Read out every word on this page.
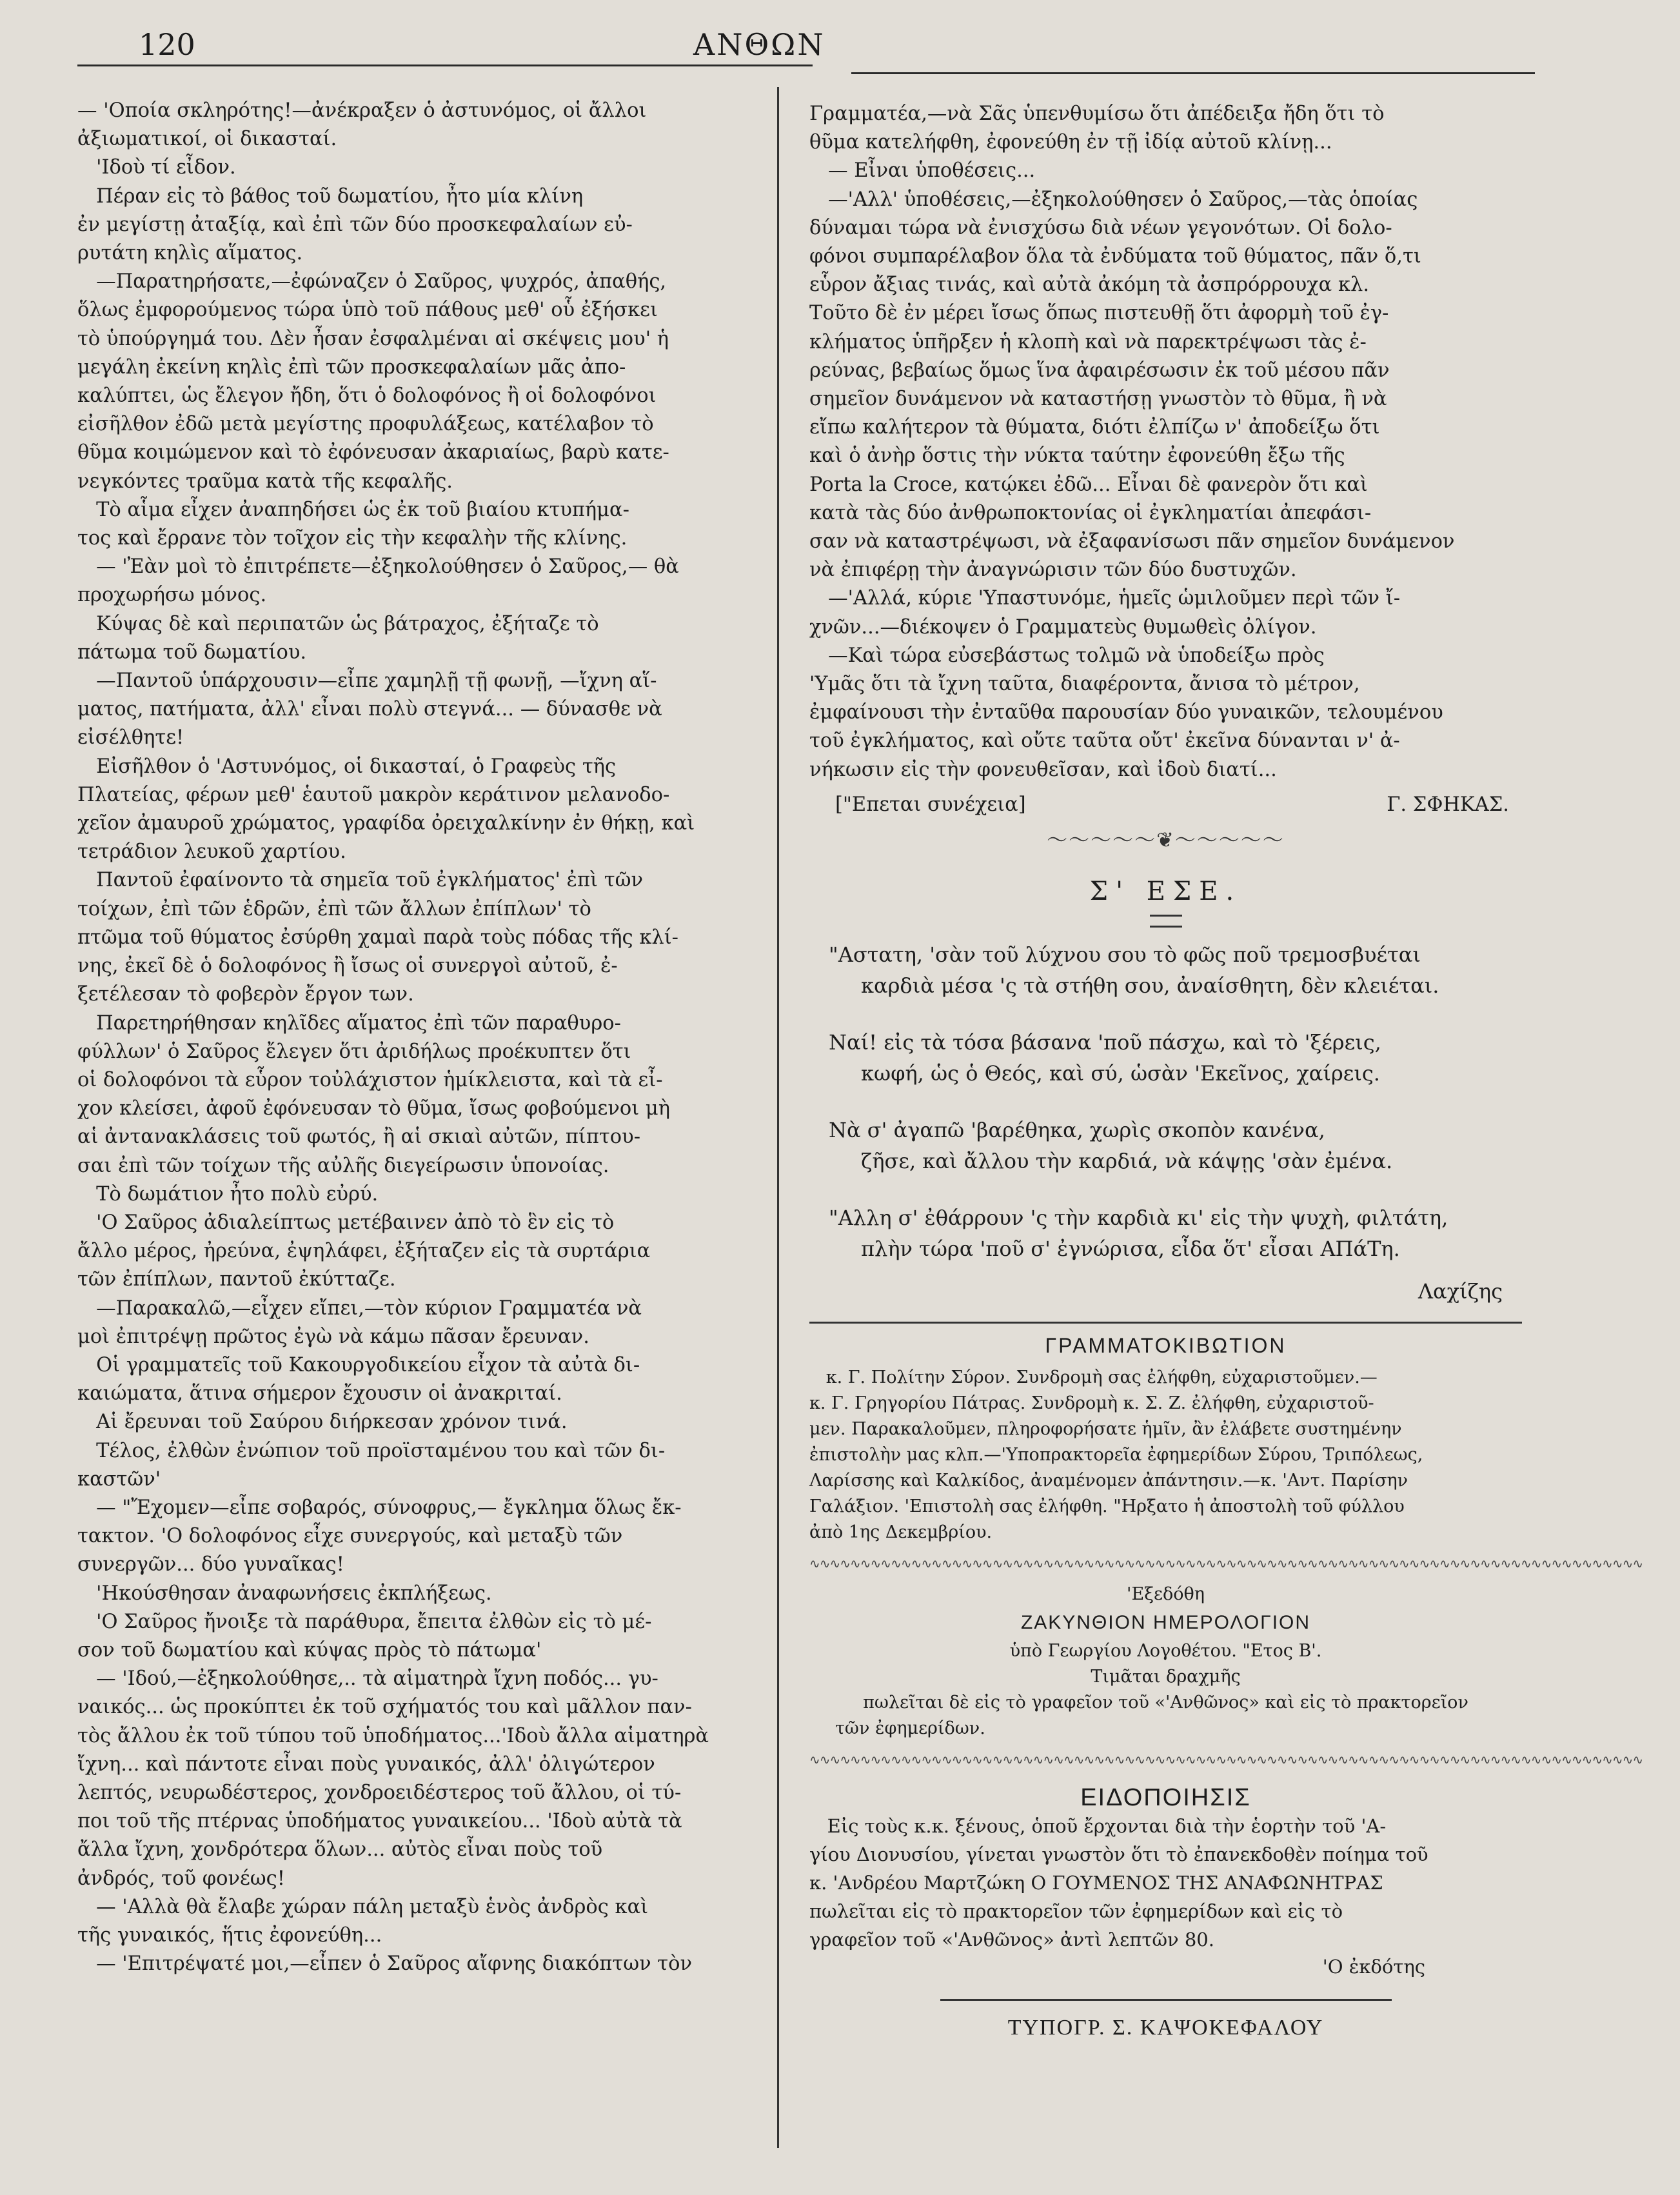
120	ΑΝΘΩΝ

— 'Οποία σκληρότης!—ἀνέκραξεν ὁ ἀστυνόμος, οἱ ἄλλοι

ἀξιωματικοί, οἱ δικασταί.

'Ιδοὺ τί εἶδον.

Πέραν εἰς τὸ βάθος τοῦ δωματίου, ἦτο μία κλίνη

ἐν μεγίστῃ ἀταξίᾳ, καὶ ἐπὶ τῶν δύο προσκεφαλαίων εὐ-

ρυτάτη κηλὶς αἵματος.

—Παρατηρήσατε,—ἐφώναζεν ὁ Σαῦρος, ψυχρός, ἀπαθής,

ὅλως ἐμφορούμενος τώρα ὑπὸ τοῦ πάθους μεθ' οὗ ἐξήσκει

τὸ ὑπούργημά του. Δὲν ἦσαν ἐσφαλμέναι αἱ σκέψεις μου' ἡ

μεγάλη ἐκείνη κηλὶς ἐπὶ τῶν προσκεφαλαίων μᾶς ἀπο-

καλύπτει, ὡς ἔλεγον ἤδη, ὅτι ὁ δολοφόνος ἢ οἱ δολοφόνοι

εἰσῆλθον ἐδῶ μετὰ μεγίστης προφυλάξεως, κατέλαβον τὸ

θῦμα κοιμώμενον καὶ τὸ ἐφόνευσαν ἀκαριαίως, βαρὺ κατε-

νεγκόντες τραῦμα κατὰ τῆς κεφαλῆς.

Τὸ αἷμα εἶχεν ἀναπηδήσει ὡς ἐκ τοῦ βιαίου κτυπήμα-

τος καὶ ἔρρανε τὸν τοῖχον εἰς τὴν κεφαλὴν τῆς κλίνης.

— 'Ἐὰν μοὶ τὸ ἐπιτρέπετε—ἐξηκολούθησεν ὁ Σαῦρος,— θὰ

προχωρήσω μόνος.

Κύψας δὲ καὶ περιπατῶν ὡς βάτραχος, ἐξήταζε τὸ

πάτωμα τοῦ δωματίου.

—Παντοῦ ὑπάρχουσιν—εἶπε χαμηλῇ τῇ φωνῇ, —ἴχνη αἵ-

ματος, πατήματα, ἀλλ' εἶναι πολὺ στεγνά... — δύνασθε νὰ

εἰσέλθητε!

Εἰσῆλθον ὁ 'Αστυνόμος, οἱ δικασταί, ὁ Γραφεὺς τῆς

Πλατείας, φέρων μεθ' ἑαυτοῦ μακρὸν κεράτινον μελανοδο-

χεῖον ἀμαυροῦ χρώματος, γραφίδα ὀρειχαλκίνην ἐν θήκῃ, καὶ

τετράδιον λευκοῦ χαρτίου.

Παντοῦ ἐφαίνοντο τὰ σημεῖα τοῦ ἐγκλήματος' ἐπὶ τῶν

τοίχων, ἐπὶ τῶν ἑδρῶν, ἐπὶ τῶν ἄλλων ἐπίπλων' τὸ

πτῶμα τοῦ θύματος ἐσύρθη χαμαὶ παρὰ τοὺς πόδας τῆς κλί-

νης, ἐκεῖ δὲ ὁ δολοφόνος ἢ ἴσως οἱ συνεργοὶ αὐτοῦ, ἐ-

ξετέλεσαν τὸ φοβερὸν ἔργον των.

Παρετηρήθησαν κηλῖδες αἵματος ἐπὶ τῶν παραθυρο-

φύλλων' ὁ Σαῦρος ἔλεγεν ὅτι ἀριδήλως προέκυπτεν ὅτι

οἱ δολοφόνοι τὰ εὗρον τοὐλάχιστον ἡμίκλειστα, καὶ τὰ εἶ-

χον κλείσει, ἀφοῦ ἐφόνευσαν τὸ θῦμα, ἴσως φοβούμενοι μὴ

αἱ ἀντανακλάσεις τοῦ φωτός, ἢ αἱ σκιαὶ αὐτῶν, πίπτου-

σαι ἐπὶ τῶν τοίχων τῆς αὐλῆς διεγείρωσιν ὑπονοίας.

Τὸ δωμάτιον ἦτο πολὺ εὐρύ.

'Ο Σαῦρος ἀδιαλείπτως μετέβαινεν ἀπὸ τὸ ἓν εἰς τὸ

ἄλλο μέρος, ἠρεύνα, ἐψηλάφει, ἐξήταζεν εἰς τὰ συρτάρια

τῶν ἐπίπλων, παντοῦ ἐκύτταζε.

—Παρακαλῶ,—εἶχεν εἴπει,—τὸν κύριον Γραμματέα νὰ

μοὶ ἐπιτρέψῃ πρῶτος ἐγὼ νὰ κάμω πᾶσαν ἔρευναν.

Οἱ γραμματεῖς τοῦ Κακουργοδικείου εἶχον τὰ αὐτὰ δι-

καιώματα, ἅτινα σήμερον ἔχουσιν οἱ ἀνακριταί.

Αἱ ἔρευναι τοῦ Σαύρου διήρκεσαν χρόνον τινά.

Τέλος, ἐλθὼν ἐνώπιον τοῦ προϊσταμένου του καὶ τῶν δι-

καστῶν'

— "Ἔχομεν—εἶπε σοβαρός, σύνοφρυς,— ἔγκλημα ὅλως ἔκ-

τακτον. 'Ο δολοφόνος εἶχε συνεργούς, καὶ μεταξὺ τῶν

συνεργῶν... δύο γυναῖκας!

'Ηκούσθησαν ἀναφωνήσεις ἐκπλήξεως.

'Ο Σαῦρος ἤνοιξε τὰ παράθυρα, ἔπειτα ἐλθὼν εἰς τὸ μέ-

σον τοῦ δωματίου καὶ κύψας πρὸς τὸ πάτωμα'

— 'Ιδού,—ἐξηκολούθησε,.. τὰ αἱματηρὰ ἴχνη ποδός... γυ-

ναικός... ὡς προκύπτει ἐκ τοῦ σχήματός του καὶ μᾶλλον παν-

τὸς ἄλλου ἐκ τοῦ τύπου τοῦ ὑποδήματος...'Ιδοὺ ἄλλα αἱματηρὰ

ἴχνη... καὶ πάντοτε εἶναι ποὺς γυναικός, ἀλλ' ὀλιγώτερον

λεπτός, νευρωδέστερος, χονδροειδέστερος τοῦ ἄλλου, οἱ τύ-

ποι τοῦ τῆς πτέρνας ὑποδήματος γυναικείου... 'Ιδοὺ αὐτὰ τὰ

ἄλλα ἴχνη, χονδρότερα ὅλων... αὐτὸς εἶναι ποὺς τοῦ

ἀνδρός, τοῦ φονέως!

— 'Αλλὰ θὰ ἔλαβε χώραν πάλη μεταξὺ ἑνὸς ἀνδρὸς καὶ

τῆς γυναικός, ἥτις ἐφονεύθη...

— 'Επιτρέψατέ μοι,—εἶπεν ὁ Σαῦρος αἴφνης διακόπτων τὸν

Γραμματέα,—νὰ Σᾶς ὑπενθυμίσω ὅτι ἀπέδειξα ἤδη ὅτι τὸ

θῦμα κατελήφθη, ἐφονεύθη ἐν τῇ ἰδίᾳ αὐτοῦ κλίνῃ...

— Εἶναι ὑποθέσεις...

—'Αλλ' ὑποθέσεις,—ἐξηκολούθησεν ὁ Σαῦρος,—τὰς ὁποίας

δύναμαι τώρα νὰ ἐνισχύσω διὰ νέων γεγονότων. Οἱ δολο-

φόνοι συμπαρέλαβον ὅλα τὰ ἐνδύματα τοῦ θύματος, πᾶν ὅ,τι

εὗρον ἄξιας τινάς, καὶ αὐτὰ ἀκόμη τὰ ἀσπρόρρουχα κλ.

Τοῦτο δὲ ἐν μέρει ἴσως ὅπως πιστευθῇ ὅτι ἀφορμὴ τοῦ ἐγ-

κλήματος ὑπῆρξεν ἡ κλοπὴ καὶ νὰ παρεκτρέψωσι τὰς ἐ-

ρεύνας, βεβαίως ὅμως ἵνα ἀφαιρέσωσιν ἐκ τοῦ μέσου πᾶν

σημεῖον δυνάμενον νὰ καταστήσῃ γνωστὸν τὸ θῦμα, ἢ νὰ

εἴπω καλήτερον τὰ θύματα, διότι ἐλπίζω ν' ἀποδείξω ὅτι

καὶ ὁ ἀνὴρ ὅστις τὴν νύκτα ταύτην ἐφονεύθη ἔξω τῆς

Porta la Croce, κατῴκει ἐδῶ... Εἶναι δὲ φανερὸν ὅτι καὶ

κατὰ τὰς δύο ἀνθρωποκτονίας οἱ ἐγκληματίαι ἀπεφάσι-

σαν νὰ καταστρέψωσι, νὰ ἐξαφανίσωσι πᾶν σημεῖον δυνάμενον

νὰ ἐπιφέρῃ τὴν ἀναγνώρισιν τῶν δύο δυστυχῶν.

—'Αλλά, κύριε 'Υπαστυνόμε, ἡμεῖς ὡμιλοῦμεν περὶ τῶν ἴ-

χνῶν...—διέκοψεν ὁ Γραμματεὺς θυμωθεὶς ὀλίγον.

—Καὶ τώρα εὐσεβάστως τολμῶ νὰ ὑποδείξω πρὸς

'Υμᾶς ὅτι τὰ ἴχνη ταῦτα, διαφέροντα, ἄνισα τὸ μέτρον,

ἐμφαίνουσι τὴν ἐνταῦθα παρουσίαν δύο γυναικῶν, τελουμένου

τοῦ ἐγκλήματος, καὶ οὔτε ταῦτα οὔτ' ἐκεῖνα δύνανται ν' ἀ-

νήκωσιν εἰς τὴν φονευθεῖσαν, καὶ ἰδοὺ διατί...

["Επεται συνέχεια]	Γ. ΣΦΗΚΑΣ.
〜〜〜〜〜❦〜〜〜〜〜
Σ' ΕΣΕ.
"Αστατη, 'σὰν τοῦ λύχνου σου τὸ φῶς ποῦ τρεμοσβυέται
καρδιὰ μέσα 'ς τὰ στήθη σου, ἀναίσθητη, δὲν κλειέται.
Ναί! εἰς τὰ τόσα βάσανα 'ποῦ πάσχω, καὶ τὸ 'ξέρεις,
κωφή, ὡς ὁ Θεός, καὶ σύ, ὡσὰν 'Εκεῖνος, χαίρεις.
Νὰ σ' ἀγαπῶ 'βαρέθηκα, χωρὶς σκοπὸν κανένα,
ζῆσε, καὶ ἄλλου τὴν καρδιά, νὰ κάψῃς 'σὰν ἐμένα.
"Αλλη σ' ἐθάρρουν 'ς τὴν καρδιὰ κι' εἰς τὴν ψυχὴ, φιλτάτη,
πλὴν τώρα 'ποῦ σ' ἐγνώρισα, εἶδα ὅτ' εἶσαι ΑΠάΤη.
Λαχίζης
ΓΡΑΜΜΑΤΟΚΙΒΩΤΙΟΝ

κ. Γ. Πολίτην Σύρον. Συνδρομὴ σας ἐλήφθη, εὐχαριστοῦμεν.—

κ. Γ. Γρηγορίου Πάτρας. Συνδρομὴ κ. Σ. Ζ. ἐλήφθη, εὐχαριστοῦ-

μεν. Παρακαλοῦμεν, πληροφορήσατε ἡμῖν, ἂν ἐλάβετε συστημένην

ἐπιστολὴν μας κλπ.—'Υποπρακτορεῖα ἐφημερίδων Σύρου, Τριπόλεως,

Λαρίσσης καὶ Καλκίδος, ἀναμένομεν ἀπάντησιν.—κ. 'Αντ. Παρίσην

Γαλάξιον. 'Επιστολὴ σας ἐλήφθη. "Ηρξατο ἡ ἀποστολὴ τοῦ φύλλου

ἀπὸ 1ης Δεκεμβρίου.

∿∿∿∿∿∿∿∿∿∿∿∿∿∿∿∿∿∿∿∿∿∿∿∿∿∿∿∿∿∿∿∿∿∿∿∿∿∿∿∿∿∿∿∿∿∿∿∿∿∿∿∿∿∿∿∿∿∿∿∿∿∿∿∿∿∿∿∿∿∿∿∿∿∿∿∿∿∿∿∿∿∿
'Εξεδόθη
ΖΑΚΥΝΘΙΟΝ ΗΜΕΡΟΛΟΓΙΟΝ
ὑπὸ Γεωργίου Λογοθέτου. "Ετος Β'.
Τιμᾶται δραχμῆς
πωλεῖται δὲ εἰς τὸ γραφεῖον τοῦ «'Ανθῶνος» καὶ εἰς τὸ πρακτορεῖον
τῶν ἐφημερίδων.
∿∿∿∿∿∿∿∿∿∿∿∿∿∿∿∿∿∿∿∿∿∿∿∿∿∿∿∿∿∿∿∿∿∿∿∿∿∿∿∿∿∿∿∿∿∿∿∿∿∿∿∿∿∿∿∿∿∿∿∿∿∿∿∿∿∿∿∿∿∿∿∿∿∿∿∿∿∿∿∿∿∿
ΕΙΔΟΠΟΙΗΣΙΣ

Εἰς τοὺς κ.κ. ξένους, ὁποῦ ἔρχονται διὰ τὴν ἑορτὴν τοῦ 'Α-

γίου Διονυσίου, γίνεται γνωστὸν ὅτι τὸ ἐπανεκδοθὲν ποίημα τοῦ

κ. 'Ανδρέου Μαρτζώκη Ο ΓΟΥΜΕΝΟΣ ΤΗΣ ΑΝΑΦΩΝΗΤΡΑΣ

πωλεῖται εἰς τὸ πρακτορεῖον τῶν ἐφημερίδων καὶ εἰς τὸ

γραφεῖον τοῦ «'Ανθῶνος» ἀντὶ λεπτῶν 80.

'Ο ἐκδότης
ΤΥΠΟΓΡ. Σ. ΚΑΨΟΚΕΦΑΛΟΥ
